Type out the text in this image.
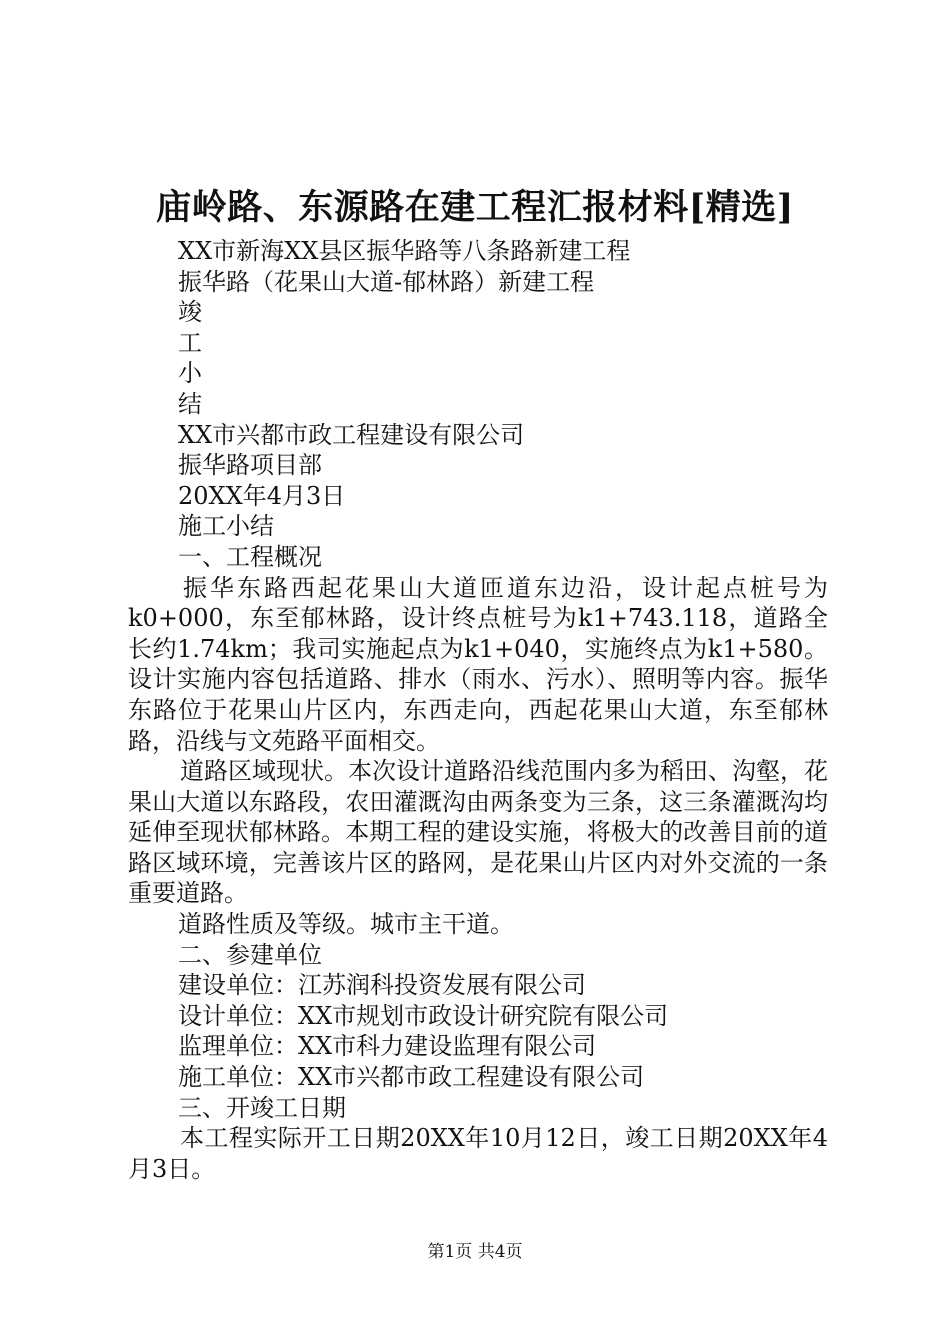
庙岭路、东源路在建工程汇报材料[精选]

XX市新海XX县区振华路等八条路新建工程

振华路（花果山大道-郁林路）新建工程

竣

工

小

结

XX市兴都市政工程建设有限公司

振华路项目部

20XX年4月3日

施工小结

一、工程概况

振华东路西起花果山大道匝道东边沿，设计起点桩号为k0+000，东至郁林路，设计终点桩号为k1+743.118，道路全长约1.74km；我司实施起点为k1+040，实施终点为k1+580。设计实施内容包括道路、排水（雨水、污水）、照明等内容。振华东路位于花果山片区内，东西走向，西起花果山大道，东至郁林路，沿线与文苑路平面相交。

道路区域现状。本次设计道路沿线范围内多为稻田、沟壑，花果山大道以东路段，农田灌溉沟由两条变为三条，这三条灌溉沟均延伸至现状郁林路。本期工程的建设实施，将极大的改善目前的道路区域环境，完善该片区的路网，是花果山片区内对外交流的一条重要道路。

道路性质及等级。城市主干道。

二、参建单位

建设单位：江苏润科投资发展有限公司

设计单位：XX市规划市政设计研究院有限公司

监理单位：XX市科力建设监理有限公司

施工单位：XX市兴都市政工程建设有限公司

三、开竣工日期

本工程实际开工日期20XX年10月12日，竣工日期20XX年4月3日。

第1页 共4页
